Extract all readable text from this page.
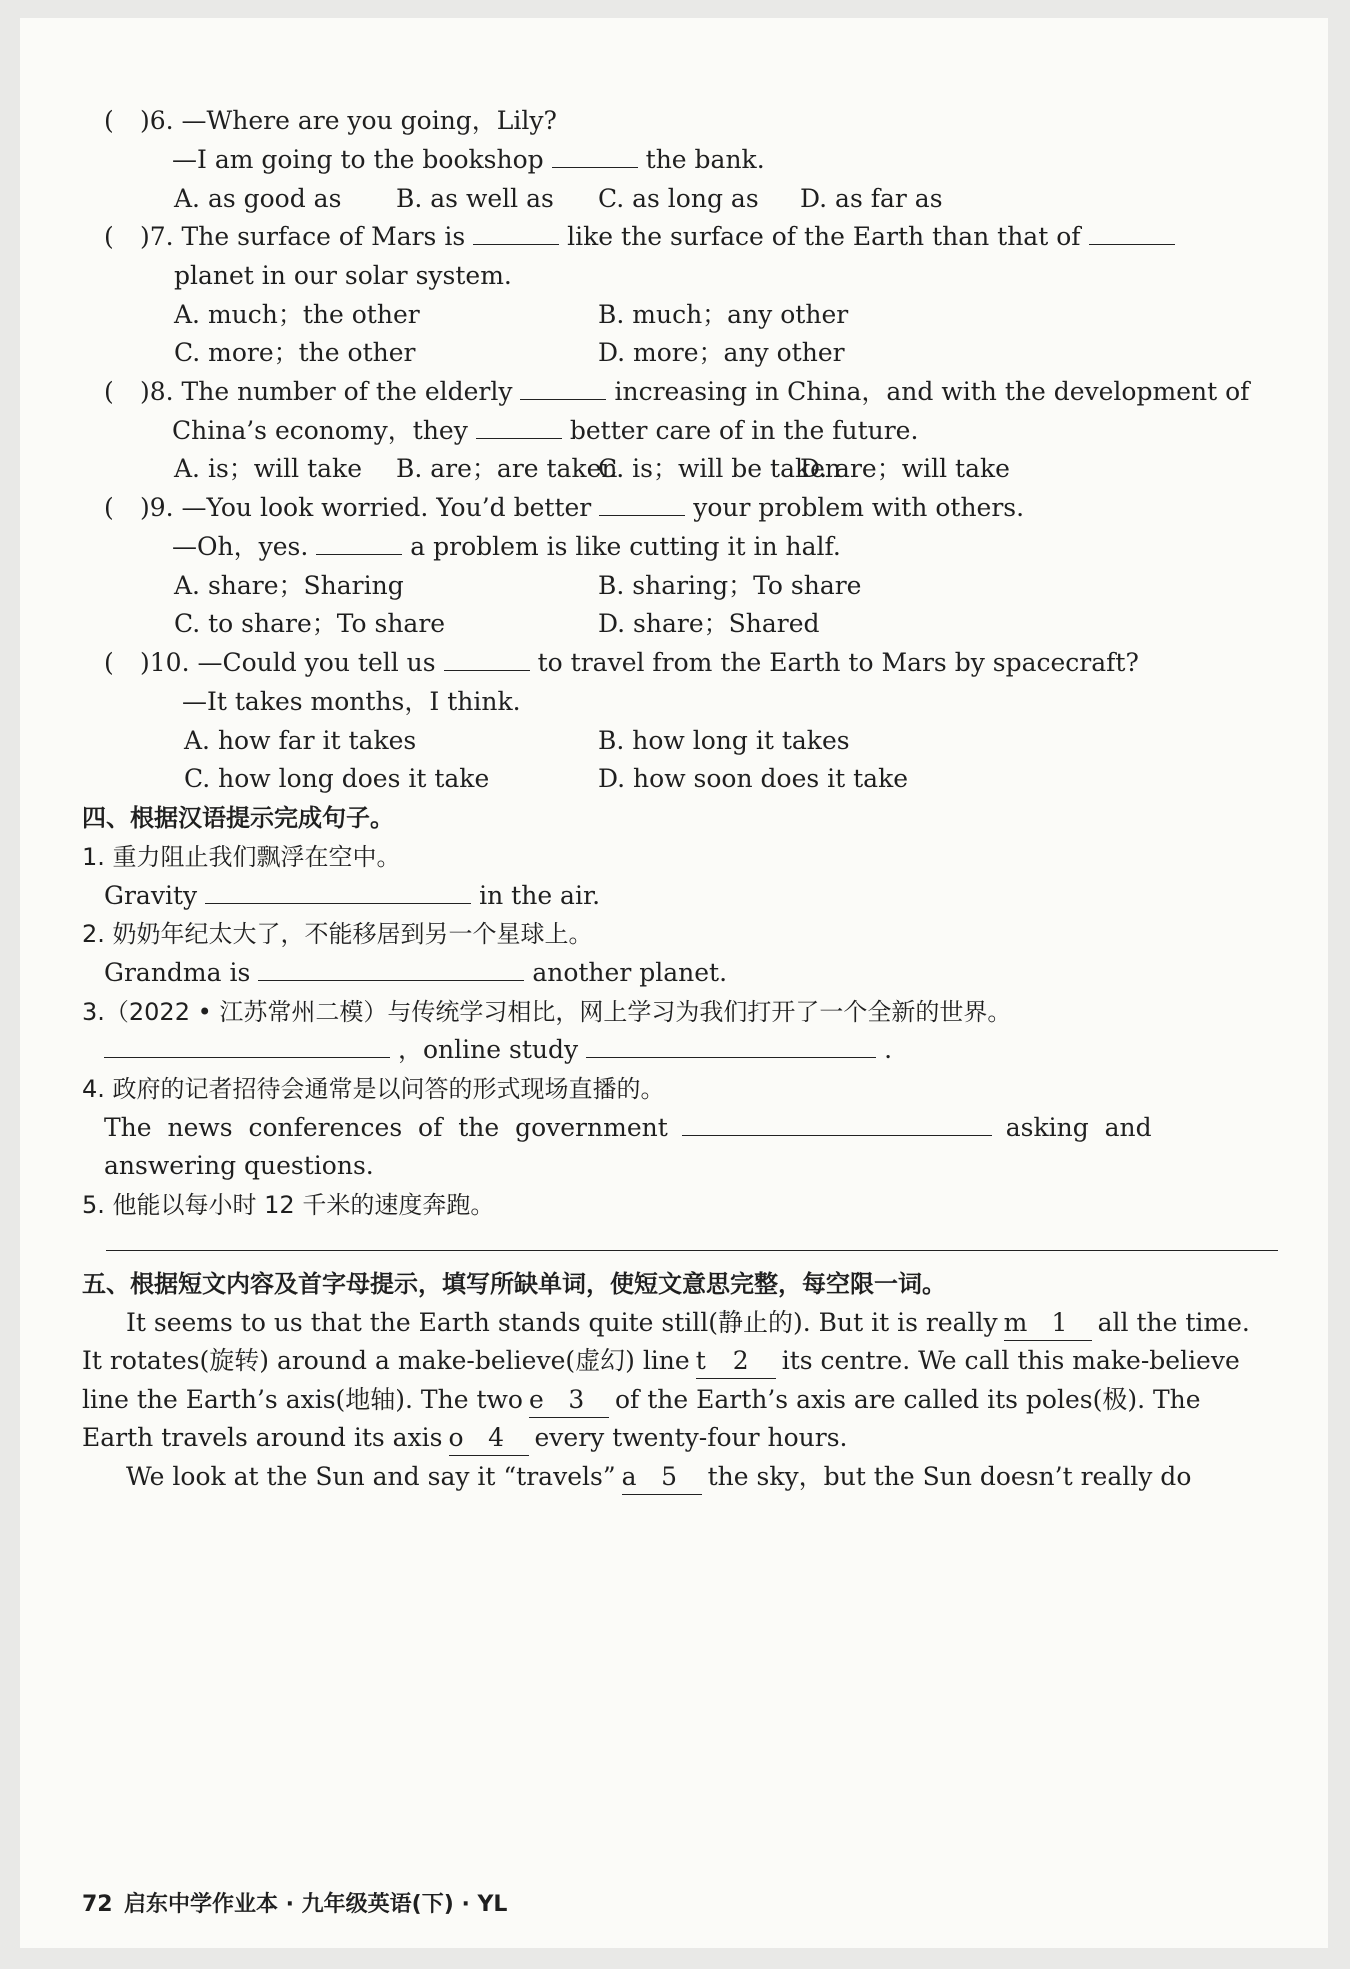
( )6. —Where are you going，Lily?
—I am going to the bookshop	the bank.
A. as good as B. as well as C. as long as D. as far as
( )7. The surface of Mars is	like the surface of the Earth than that of
planet in our solar system.
A. much；the other	B. much；any other
C. more；the other	D. more；any other
( )8. The number of the elderly	increasing in China，and with the development of
China’s economy，they	better care of in the future.
A. is；will take B. are；are taken
C. is；will be taken
D. are；will take
( )9. —You look worried. You’d better	your problem with others.
—Oh，yes.	a problem is like cutting it in half.
A. share；Sharing	B. sharing；To share
C. to share；To share	D. share；Shared
( )10. —Could you tell us	to travel from the Earth to Mars by spacecraft?
—It takes months，I think.
A. how far it takes	B. how long it takes
C. how long does it take	D. how soon does it take
四、根据汉语提示完成句子。
1. 重力阻止我们飘浮在空中。
Gravity	in the air.
2. 奶奶年纪太大了，不能移居到另一个星球上。
Grandma is	another planet.
3.（2022 • 江苏常州二模）与传统学习相比，网上学习为我们打开了一个全新的世界。
，online study	.
4. 政府的记者招待会通常是以问答的形式现场直播的。
The  news  conferences  of  the  government	asking  and
answering questions.
5. 他能以每小时 12 千米的速度奔跑。
五、根据短文内容及首字母提示，填写所缺单词，使短文意思完整，每空限一词。
It seems to us that the Earth stands quite still(静止的). But it is really m 1 all the time.
It rotates(旋转) around a make-believe(虚幻) line t 2 its centre. We call this make-believe
line the Earth’s axis(地轴). The two e 3 of the Earth’s axis are called its poles(极). The
Earth travels around its axis o 4 every twenty-four hours.
We look at the Sun and say it “travels” a 5 the sky，but the Sun doesn’t really do
72 启东中学作业本 · 九年级英语(下) · YL
